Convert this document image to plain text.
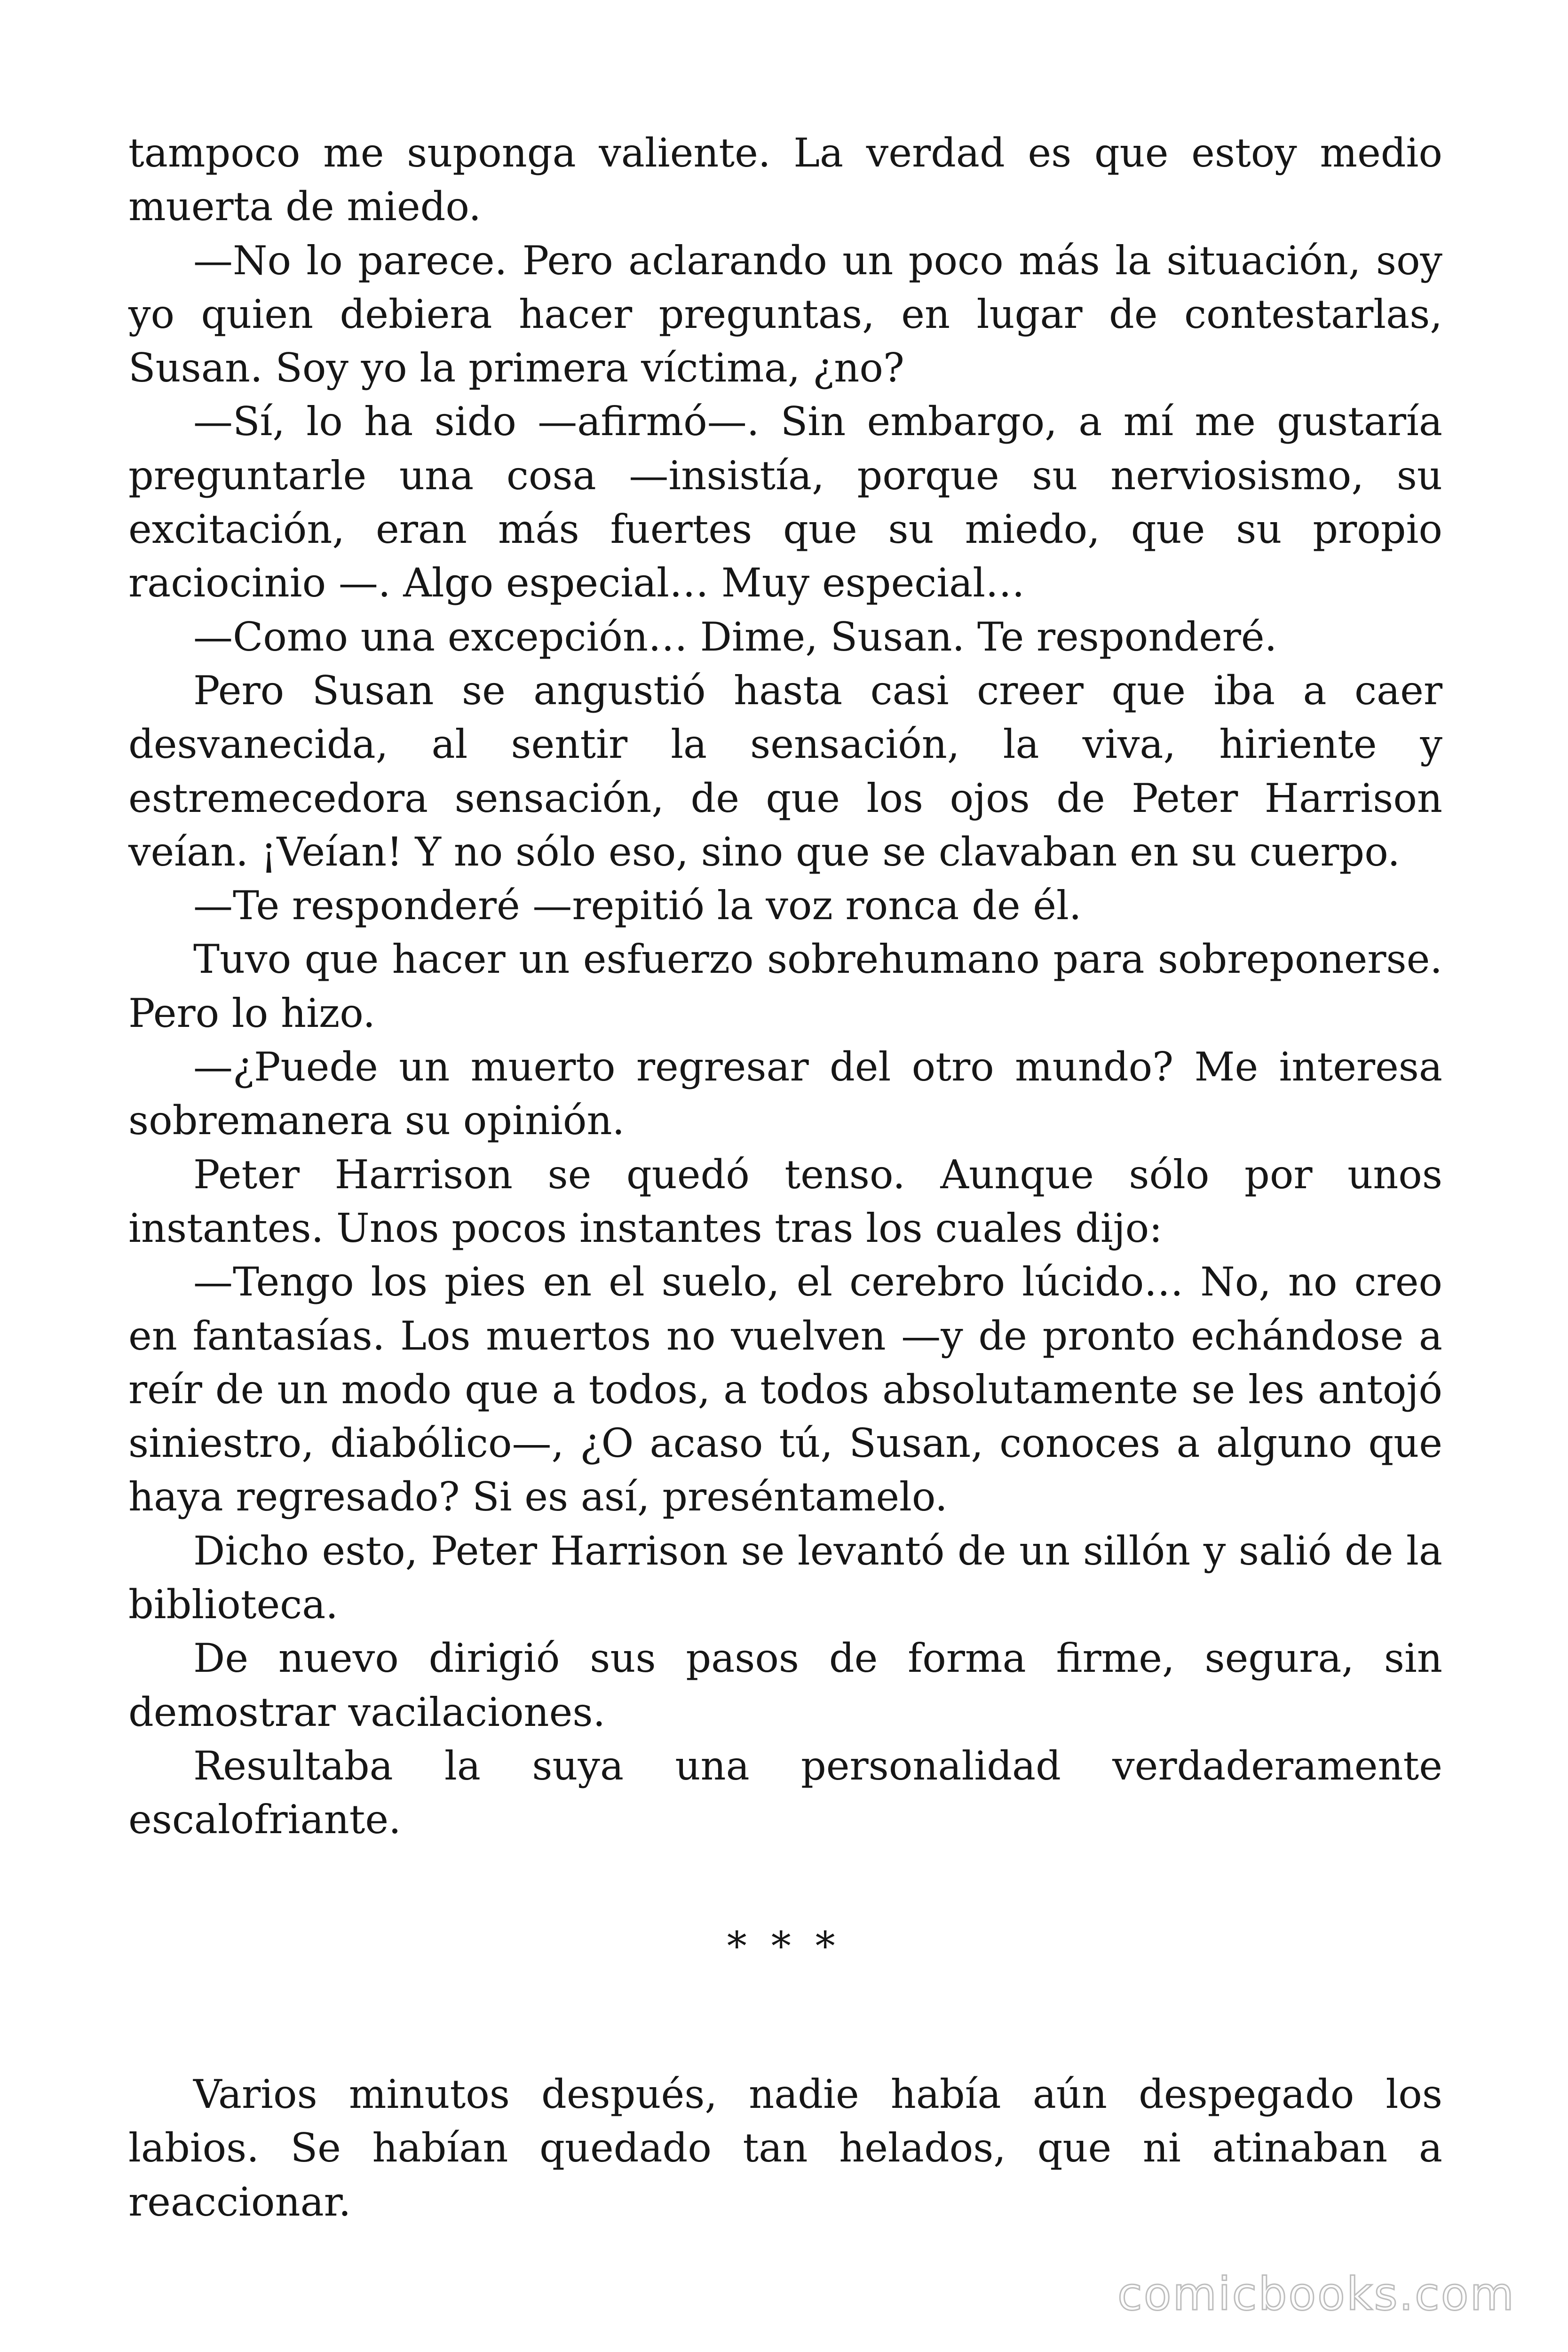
tampoco me suponga valiente. La verdad es que estoy medio muerta de miedo.

—No lo parece. Pero aclarando un poco más la situación, soy yo quien debiera hacer preguntas, en lugar de contestarlas, Susan. Soy yo la primera víctima, ¿no?

—Sí, lo ha sido —afirmó—. Sin embargo, a mí me gustaría preguntarle una cosa —insistía, porque su nerviosismo, su excitación, eran más fuertes que su miedo, que su propio raciocinio —. Algo especial… Muy especial…

—Como una excepción… Dime, Susan. Te responderé.

Pero Susan se angustió hasta casi creer que iba a caer desvanecida, al sentir la sensación, la viva, hiriente y estremecedora sensación, de que los ojos de Peter Harrison veían. ¡Veían! Y no sólo eso, sino que se clavaban en su cuerpo.

—Te responderé —repitió la voz ronca de él.

Tuvo que hacer un esfuerzo sobrehumano para sobreponerse. Pero lo hizo.

—¿Puede un muerto regresar del otro mundo? Me interesa sobremanera su opinión.

Peter Harrison se quedó tenso. Aunque sólo por unos instantes. Unos pocos instantes tras los cuales dijo:

—Tengo los pies en el suelo, el cerebro lúcido… No, no creo en fantasías. Los muertos no vuelven —y de pronto echándose a reír de un modo que a todos, a todos absolutamente se les antojó siniestro, diabólico—, ¿O acaso tú, Susan, conoces a alguno que haya regresado? Si es así, preséntamelo.

Dicho esto, Peter Harrison se levantó de un sillón y salió de la biblioteca.

De nuevo dirigió sus pasos de forma firme, segura, sin demostrar vacilaciones.

Resultaba la suya una personalidad verdaderamente

escalofriante.

* * *

Varios minutos después, nadie había aún despegado los labios. Se habían quedado tan helados, que ni atinaban a reaccionar.

comicbooks.com
